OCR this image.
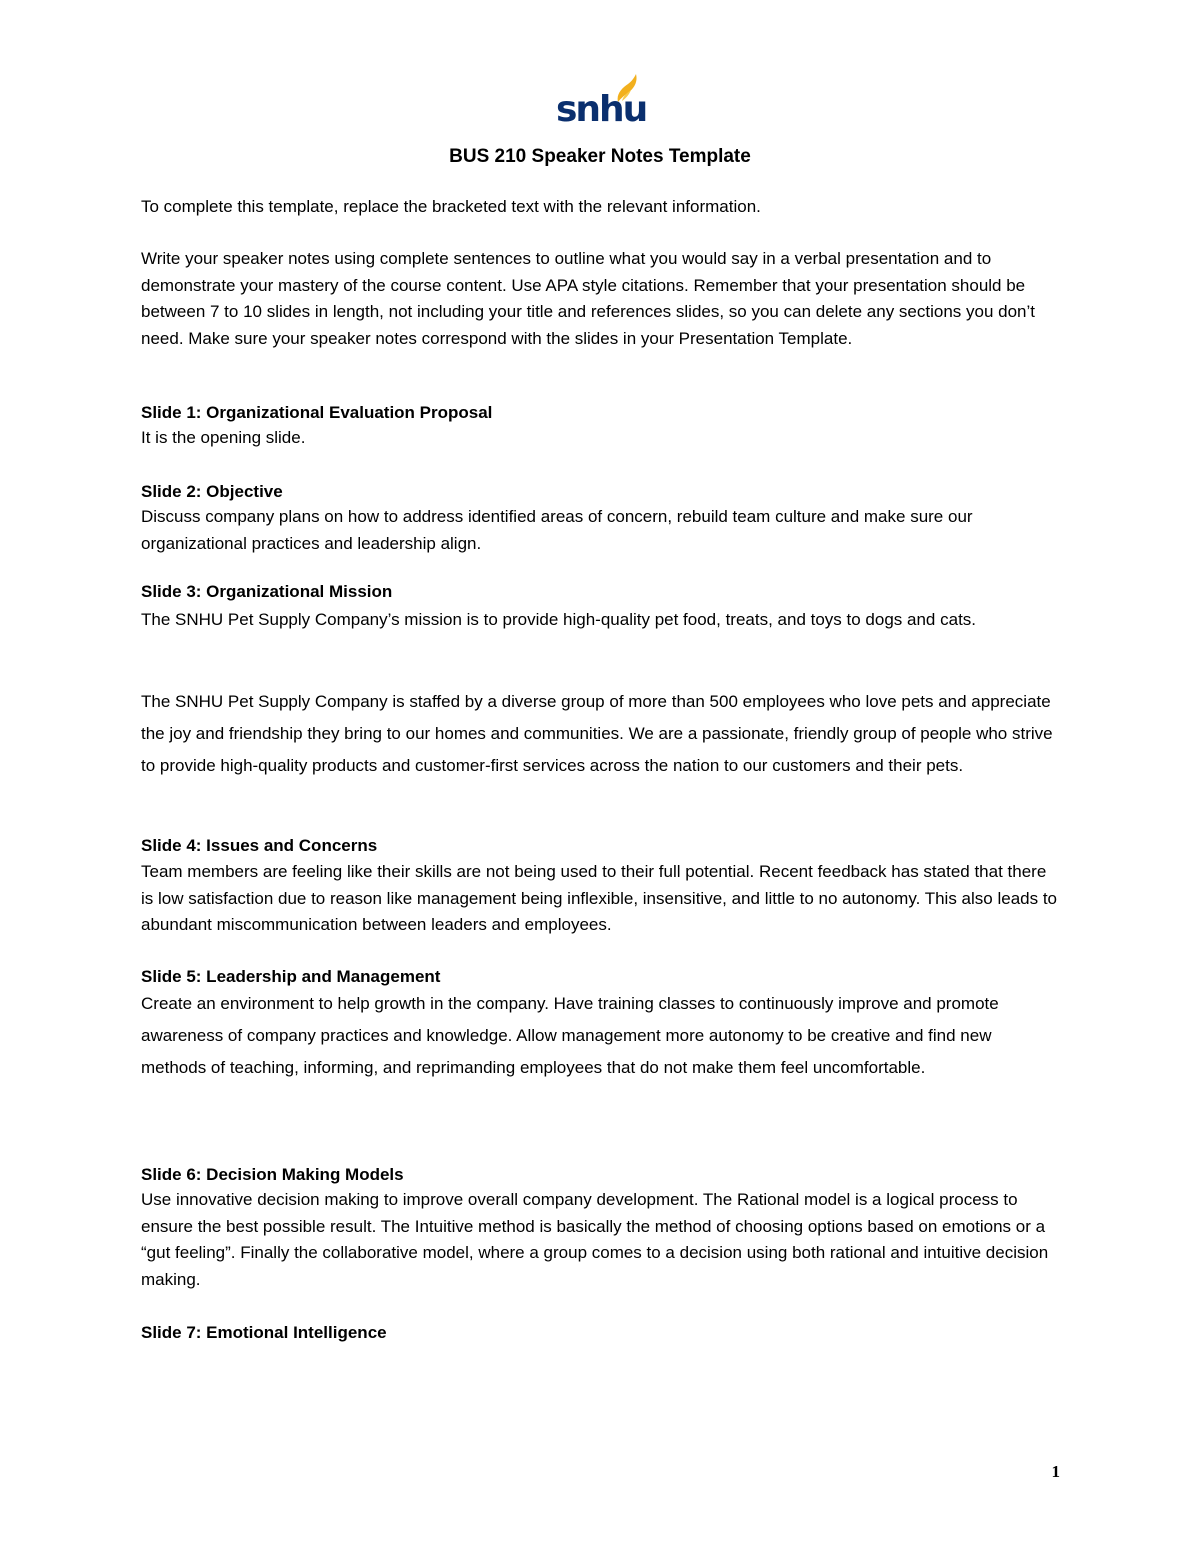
snhu
BUS 210 Speaker Notes Template

To complete this template, replace the bracketed text with the relevant information.

Write your speaker notes using complete sentences to outline what you would say in a verbal presentation and to demonstrate your mastery of the course content. Use APA style citations. Remember that your presentation should be between 7 to 10 slides in length, not including your title and references slides, so you can delete any sections you don’t need. Make sure your speaker notes correspond with the slides in your Presentation Template.

Slide 1: Organizational Evaluation Proposal

It is the opening slide.

Slide 2: Objective

Discuss company plans on how to address identified areas of concern, rebuild team culture and make sure our organizational practices and leadership align.

Slide 3: Organizational Mission

The SNHU Pet Supply Company’s mission is to provide high-quality pet food, treats, and toys to dogs and cats.

The SNHU Pet Supply Company is staffed by a diverse group of more than 500 employees who love pets and appreciate the joy and friendship they bring to our homes and communities. We are a passionate, friendly group of people who strive to provide high-quality products and customer-first services across the nation to our customers and their pets.

Slide 4: Issues and Concerns

Team members are feeling like their skills are not being used to their full potential. Recent feedback has stated that there is low satisfaction due to reason like management being inflexible, insensitive, and little to no autonomy. This also leads to abundant miscommunication between leaders and employees.

Slide 5: Leadership and Management

Create an environment to help growth in the company. Have training classes to continuously improve and promote awareness of company practices and knowledge. Allow management more autonomy to be creative and find new methods of teaching, informing, and reprimanding employees that do not make them feel uncomfortable.

Slide 6: Decision Making Models

Use innovative decision making to improve overall company development. The Rational model is a logical process to ensure the best possible result. The Intuitive method is basically the method of choosing options based on emotions or a “gut feeling”. Finally the collaborative model, where a group comes to a decision using both rational and intuitive decision making.

Slide 7: Emotional Intelligence

1
